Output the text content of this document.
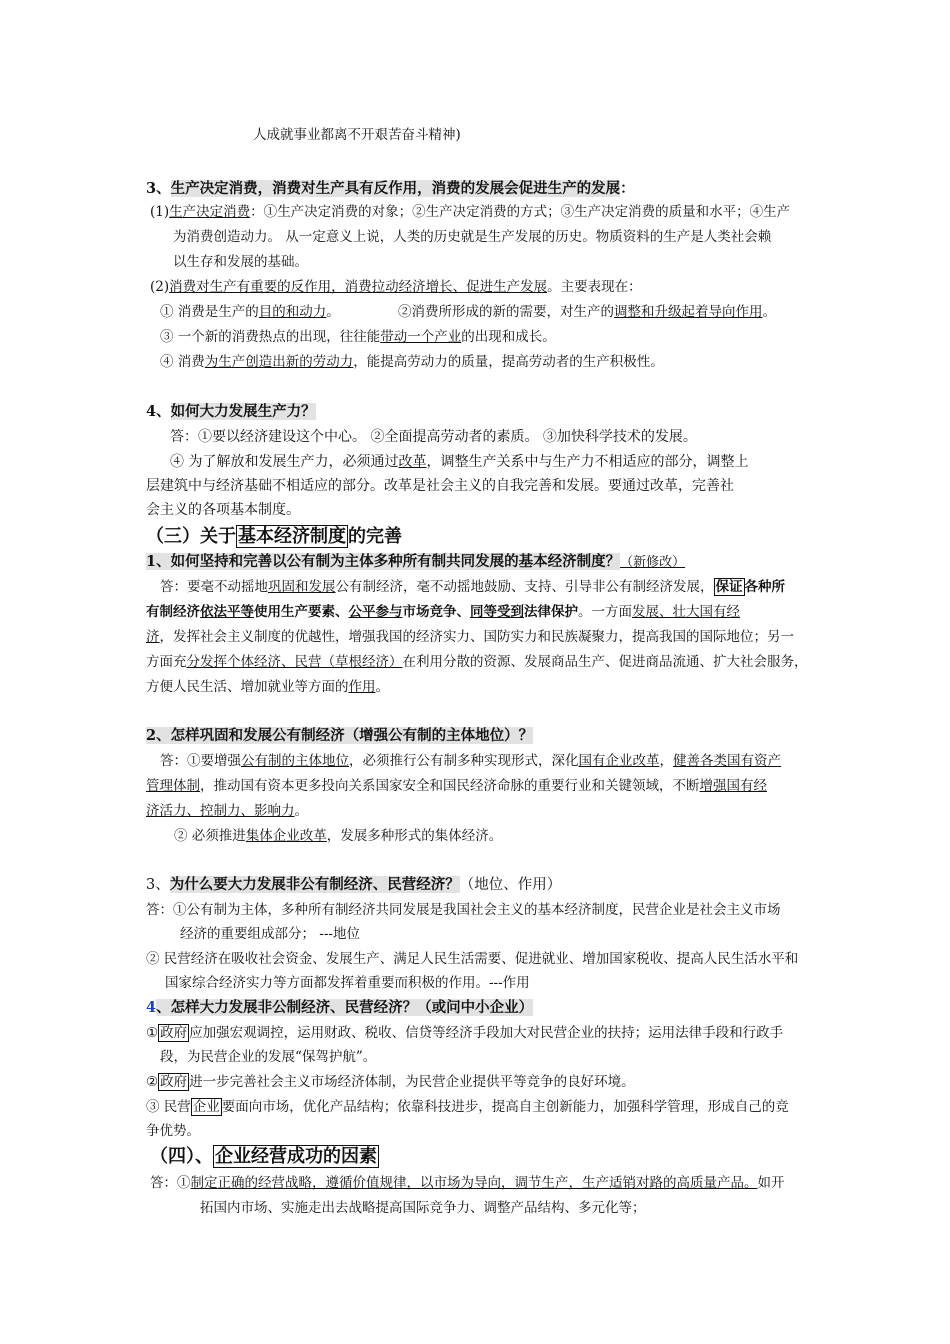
人成就事业都离不开艰苦奋斗精神)
3、生产决定消费，消费对生产具有反作用，消费的发展会促进生产的发展：
(1)生产决定消费：①生产决定消费的对象；②生产决定消费的方式；③生产决定消费的质量和水平；④生产
为消费创造动力。 从一定意义上说，人类的历史就是生产发展的历史。物质资料的生产是人类社会赖
以生存和发展的基础。
(2)消费对生产有重要的反作用，消费拉动经济增长、促进生产发展。主要表现在：
① 消费是生产的目的和动力。	②消费所形成的新的需要，对生产的调整和升级起着导向作用。
③ 一个新的消费热点的出现，往往能带动一个产业的出现和成长。
④ 消费为生产创造出新的劳动力，能提高劳动力的质量，提高劳动者的生产积极性。
4、如何大力发展生产力？
答：①要以经济建设这个中心。 ②全面提高劳动者的素质。 ③加快科学技术的发展。
④ 为了解放和发展生产力，必须通过改革，调整生产关系中与生产力不相适应的部分，调整上
层建筑中与经济基础不相适应的部分。改革是社会主义的自我完善和发展。要通过改革，完善社
会主义的各项基本制度。
（三）关于 基本经济制度 的完善
1、如何坚持和完善以公有制为主体多种所有制共同发展的基本经济制度？（新修改）
答：要毫不动摇地巩固和发展公有制经济，毫不动摇地鼓励、支持、引导非公有制经济发展， 保证 各种所
有制经济依法平等使用生产要素、公平参与市场竞争、同等受到法律保护。一方面发展、壮大国有经
济，发挥社会主义制度的优越性，增强我国的经济实力、国防实力和民族凝聚力，提高我国的国际地位；另一
方面充分发挥个体经济、民营（草根经济）在利用分散的资源、发展商品生产、促进商品流通、扩大社会服务，
方便人民生活、增加就业等方面的作用。
2、怎样巩固和发展公有制经济（增强公有制的主体地位）？
答：①要增强公有制的主体地位，必须推行公有制多种实现形式，深化国有企业改革，健善各类国有资产
管理体制，推动国有资本更多投向关系国家安全和国民经济命脉的重要行业和关键领域，不断增强国有经
济活力、控制力、影响力。
② 必须推进集体企业改革，发展多种形式的集体经济。
3、为什么要大力发展非公有制经济、民营经济？（地位、作用）
答：①公有制为主体，多种所有制经济共同发展是我国社会主义的基本经济制度，民营企业是社会主义市场
经济的重要组成部分； ---地位
② 民营经济在吸收社会资金、发展生产、满足人民生活需要、促进就业、增加国家税收、提高人民生活水平和
国家综合经济实力等方面都发挥着重要而积极的作用。---作用
4、怎样大力发展非公制经济、民营经济？（或问中小企业）
① 政府 应加强宏观调控，运用财政、税收、信贷等经济手段加大对民营企业的扶持；运用法律手段和行政手
段，为民营企业的发展“保驾护航”。
② 政府 进一步完善社会主义市场经济体制，为民营企业提供平等竞争的良好环境。
③ 民营 企业 要面向市场，优化产品结构；依靠科技进步，提高自主创新能力，加强科学管理，形成自己的竞
争优势。
（四）、 企业经营成功的因素
答：①制定正确的经营战略，遵循价值规律，以市场为导向，调节生产，生产适销对路的高质量产品。如开
拓国内市场、实施走出去战略提高国际竞争力、调整产品结构、多元化等；
